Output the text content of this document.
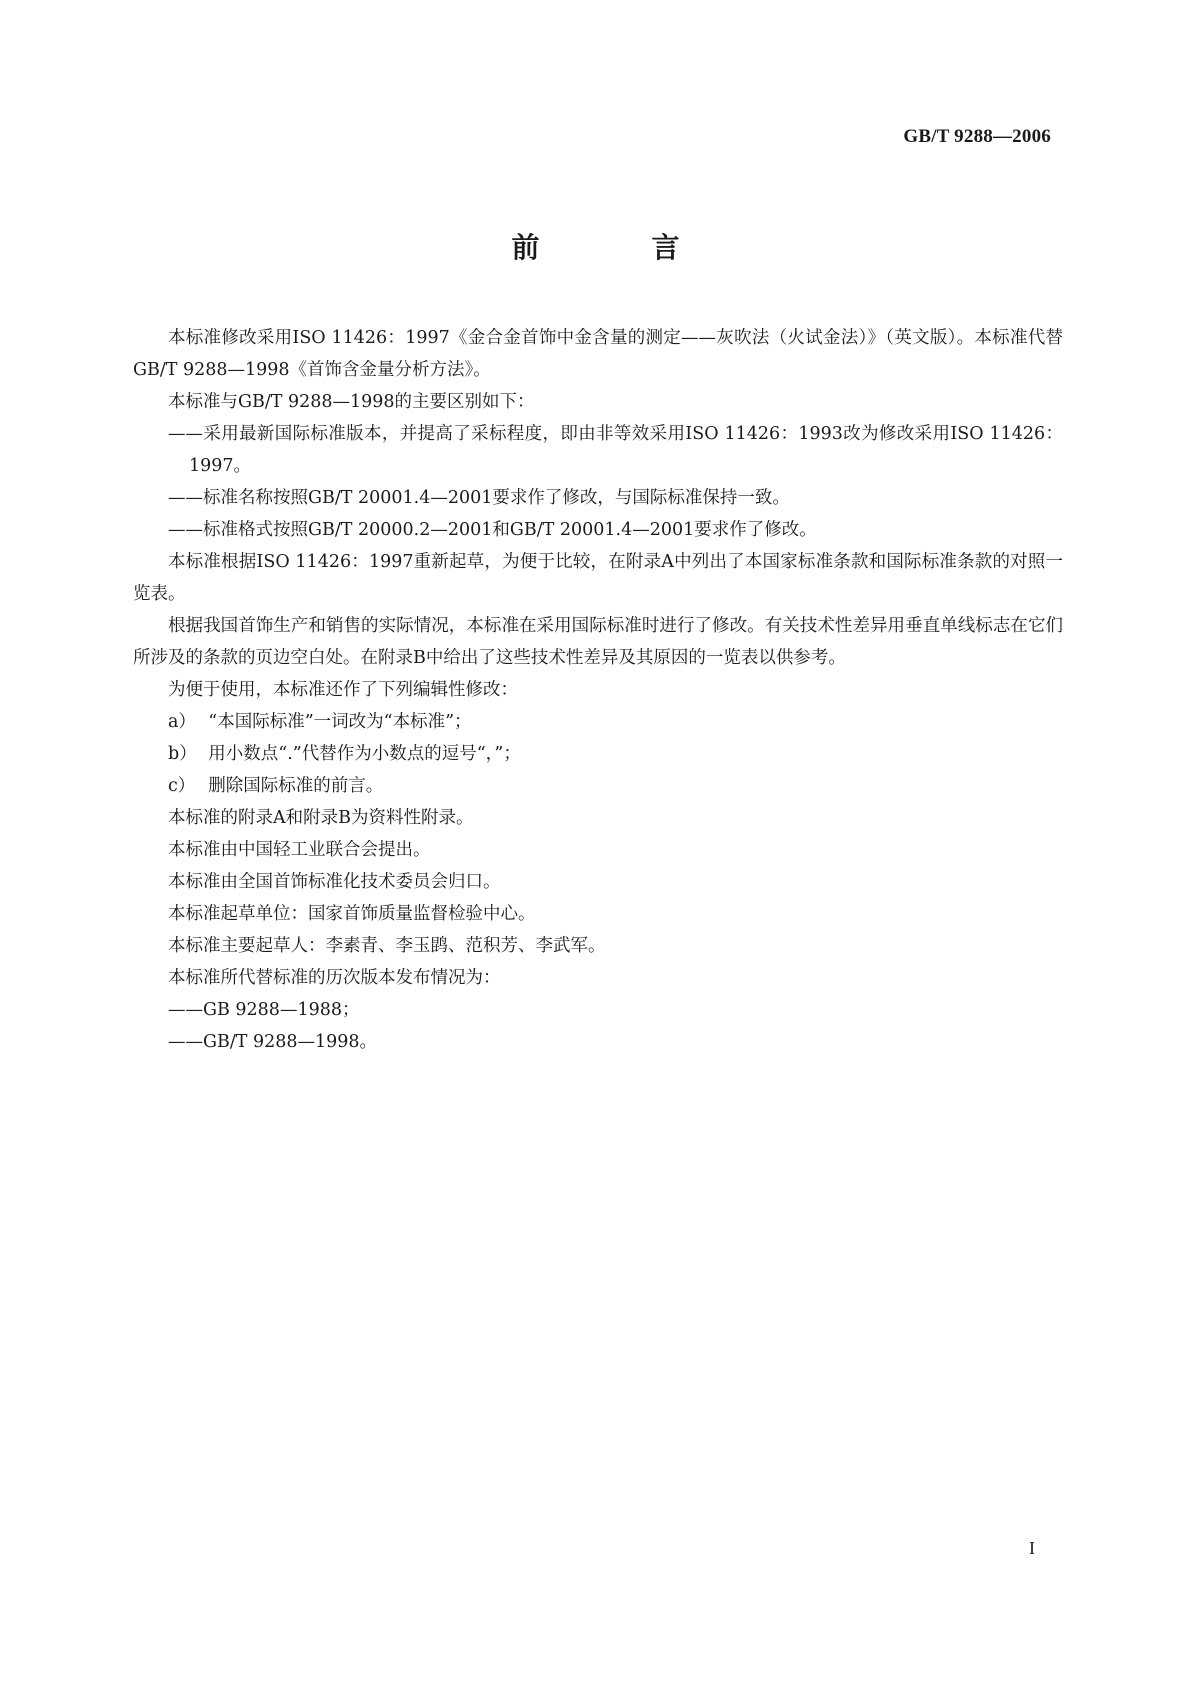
GB/T 9288—2006
前　言

本标准修改采用ISO 11426：1997《金合金首饰中金含量的测定——灰吹法（火试金法）》（英文版）。本标准代替GB/T 9288—1998《首饰含金量分析方法》。

本标准与GB/T 9288—1998的主要区别如下：

——采用最新国际标准版本，并提高了采标程度，即由非等效采用ISO 11426：1993改为修改采用ISO 11426：1997。

——标准名称按照GB/T 20001.4—2001要求作了修改，与国际标准保持一致。

——标准格式按照GB/T 20000.2—2001和GB/T 20001.4—2001要求作了修改。

本标准根据ISO 11426：1997重新起草，为便于比较，在附录A中列出了本国家标准条款和国际标准条款的对照一览表。

根据我国首饰生产和销售的实际情况，本标准在采用国际标准时进行了修改。有关技术性差异用垂直单线标志在它们所涉及的条款的页边空白处。在附录B中给出了这些技术性差异及其原因的一览表以供参考。

为便于使用，本标准还作了下列编辑性修改：

a） “本国际标准”一词改为“本标准”；

b） 用小数点“.”代替作为小数点的逗号“，”；

c） 删除国际标准的前言。

本标准的附录A和附录B为资料性附录。

本标准由中国轻工业联合会提出。

本标准由全国首饰标准化技术委员会归口。

本标准起草单位：国家首饰质量监督检验中心。

本标准主要起草人：李素青、李玉鹍、范积芳、李武军。

本标准所代替标准的历次版本发布情况为：

——GB 9288—1988；

——GB/T 9288—1998。

I
